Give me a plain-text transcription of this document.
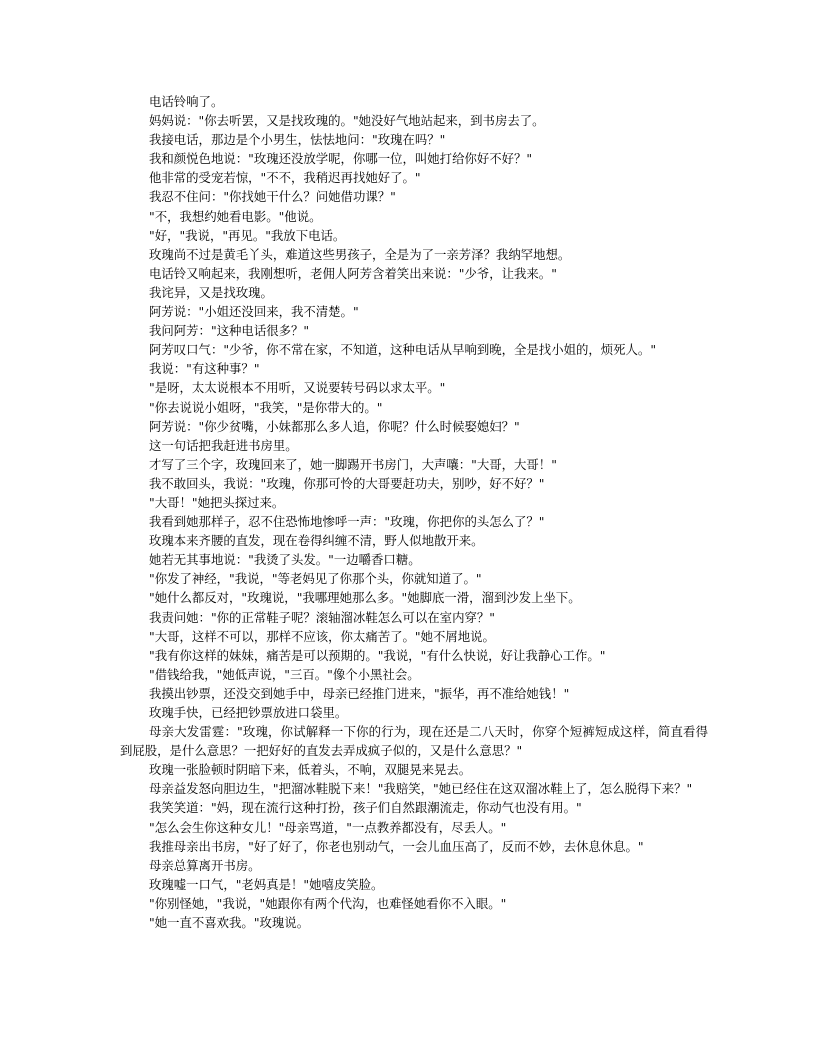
电话铃响了。

妈妈说："你去听罢，又是找玫瑰的。"她没好气地站起来，到书房去了。

我接电话，那边是个小男生，怯怯地问："玫瑰在吗？"

我和颜悦色地说："玫瑰还没放学呢，你哪一位，叫她打给你好不好？"

他非常的受宠若惊，"不不，我稍迟再找她好了。"

我忍不住问："你找她干什么？问她借功课？"

"不，我想约她看电影。"他说。

"好，"我说，"再见。"我放下电话。

玫瑰尚不过是黄毛丫头，难道这些男孩子，全是为了一亲芳泽？我纳罕地想。

电话铃又响起来，我刚想听，老佣人阿芳含着笑出来说："少爷，让我来。"

我诧异，又是找玫瑰。

阿芳说："小姐还没回来，我不清楚。"

我问阿芳："这种电话很多？"

阿芳叹口气："少爷，你不常在家，不知道，这种电话从早响到晚，全是找小姐的，烦死人。"

我说："有这种事？"

"是呀，太太说根本不用听，又说要转号码以求太平。"

"你去说说小姐呀，"我笑，"是你带大的。"

阿芳说："你少贫嘴，小妹都那么多人追，你呢？什么时候娶媳妇？"

这一句话把我赶进书房里。

才写了三个字，玫瑰回来了，她一脚踢开书房门，大声嚷："大哥，大哥！"

我不敢回头，我说："玫瑰，你那可怜的大哥要赶功夫，别吵，好不好？"

"大哥！"她把头探过来。

我看到她那样子，忍不住恐怖地惨呼一声："玫瑰，你把你的头怎么了？"

玫瑰本来齐腰的直发，现在卷得纠缠不清，野人似地散开来。

她若无其事地说："我烫了头发。"一边嚼香口糖。

"你发了神经，"我说，"等老妈见了你那个头，你就知道了。"

"她什么都反对，"玫瑰说，"我哪理她那么多。"她脚底一滑，溜到沙发上坐下。

我责问她："你的正常鞋子呢？滚轴溜冰鞋怎么可以在室内穿？"

"大哥，这样不可以，那样不应该，你太痛苦了。"她不屑地说。

"我有你这样的妹妹，痛苦是可以预期的。"我说，"有什么快说，好让我静心工作。"

"借钱给我，"她低声说，"三百。"像个小黑社会。

我摸出钞票，还没交到她手中，母亲已经推门进来，"振华，再不准给她钱！"

玫瑰手快，已经把钞票放进口袋里。

母亲大发雷霆："玫瑰，你试解释一下你的行为，现在还是二八天时，你穿个短裤短成这样，简直看得到屁股，是什么意思？一把好好的直发去弄成疯子似的，又是什么意思？"

玫瑰一张脸顿时阴暗下来，低着头，不响，双腿晃来晃去。

母亲益发怒向胆边生，"把溜冰鞋脱下来！"我赔笑，"她已经住在这双溜冰鞋上了，怎么脱得下来？"

我笑笑道："妈，现在流行这种打扮，孩子们自然跟潮流走，你动气也没有用。"

"怎么会生你这种女儿！"母亲骂道，"一点教养都没有，尽丢人。"

我推母亲出书房，"好了好了，你老也别动气，一会儿血压高了，反而不妙，去休息休息。"

母亲总算离开书房。

玫瑰嘘一口气，"老妈真是！"她嘻皮笑脸。

"你别怪她，"我说，"她跟你有两个代沟，也难怪她看你不入眼。"

"她一直不喜欢我。"玫瑰说。
